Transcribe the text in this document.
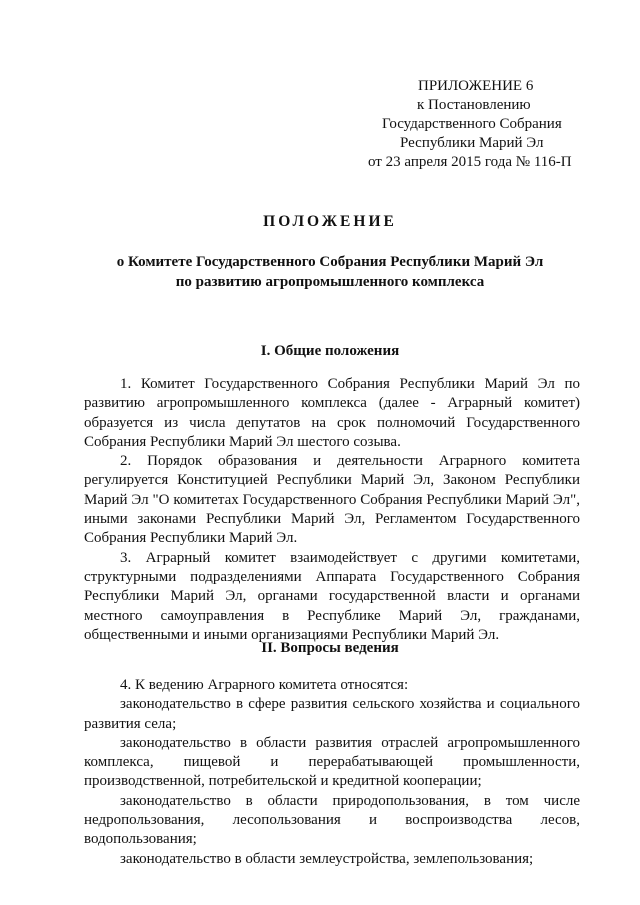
ПРИЛОЖЕНИЕ 6
к Постановлению
Государственного Собрания
Республики Марий Эл
от 23 апреля 2015 года № 116-П
ПОЛОЖЕНИЕ
о Комитете Государственного Собрания Республики Марий Эл
по развитию агропромышленного комплекса
I. Общие положения

1. Комитет Государственного Собрания Республики Марий Эл по развитию агропромышленного комплекса (далее - Аграрный комитет) образуется из числа депутатов на срок полномочий Государственного Собрания Республики Марий Эл шестого созыва.

2. Порядок образования и деятельности Аграрного комитета регулируется Конституцией Республики Марий Эл, Законом Республики Марий Эл "О комитетах Государственного Собрания Республики Марий Эл", иными законами Республики Марий Эл, Регламентом Государственного Собрания Республики Марий Эл.

3. Аграрный комитет взаимодействует с другими комитетами, структурными подразделениями Аппарата Государственного Собрания Республики Марий Эл, органами государственной власти и органами местного самоуправления в Республике Марий Эл, гражданами, общественными и иными организациями Республики Марий Эл.

II. Вопросы ведения

4. К ведению Аграрного комитета относятся:

законодательство в сфере развития сельского хозяйства и социального развития села;

законодательство в области развития отраслей агропромышленного комплекса, пищевой и перерабатывающей промышленности, производственной, потребительской и кредитной кооперации;

законодательство в области природопользования, в том числе недропользования, лесопользования и воспроизводства лесов, водопользования;

законодательство в области землеустройства, землепользования;
